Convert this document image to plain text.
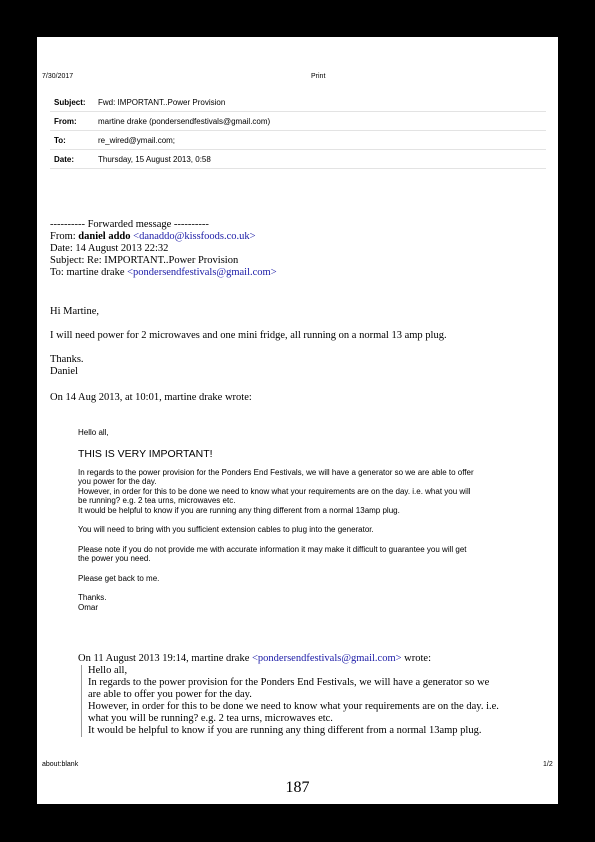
7/30/2017	Print
Subject: Fwd: IMPORTANT..Power Provision
From:	martine drake (pondersendfestivals@gmail.com)
To:	re_wired@ymail.com;
Date:	Thursday, 15 August 2013, 0:58
---------- Forwarded message ----------
From: daniel addo <danaddo@kissfoods.co.uk>
Date: 14 August 2013 22:32
Subject: Re: IMPORTANT..Power Provision
To: martine drake <pondersendfestivals@gmail.com>
Hi Martine,
I will need power for 2 microwaves and one mini fridge, all running on a normal 13 amp plug.
Thanks.
Daniel
On 14 Aug 2013, at 10:01, martine drake wrote:
Hello all,
THIS IS VERY IMPORTANT!
In regards to the power provision for the Ponders End Festivals, we will have a generator so we are able to offer
you power for the day.
However, in order for this to be done we need to know what your requirements are on the day. i.e. what you will
be running? e.g. 2 tea urns, microwaves etc.
It would be helpful to know if you are running any thing different from a normal 13amp plug.
You will need to bring with you sufficient extension cables to plug into the generator.
Please note if you do not provide me with accurate information it may make it difficult to guarantee you will get
the power you need.
Please get back to me.
Thanks.
Omar
On 11 August 2013 19:14, martine drake <pondersendfestivals@gmail.com> wrote:
Hello all,
In regards to the power provision for the Ponders End Festivals, we will have a generator so we
are able to offer you power for the day.
However, in order for this to be done we need to know what your requirements are on the day. i.e.
what you will be running? e.g. 2 tea urns, microwaves etc.
It would be helpful to know if you are running any thing different from a normal 13amp plug.
about:blank	1/2
187
